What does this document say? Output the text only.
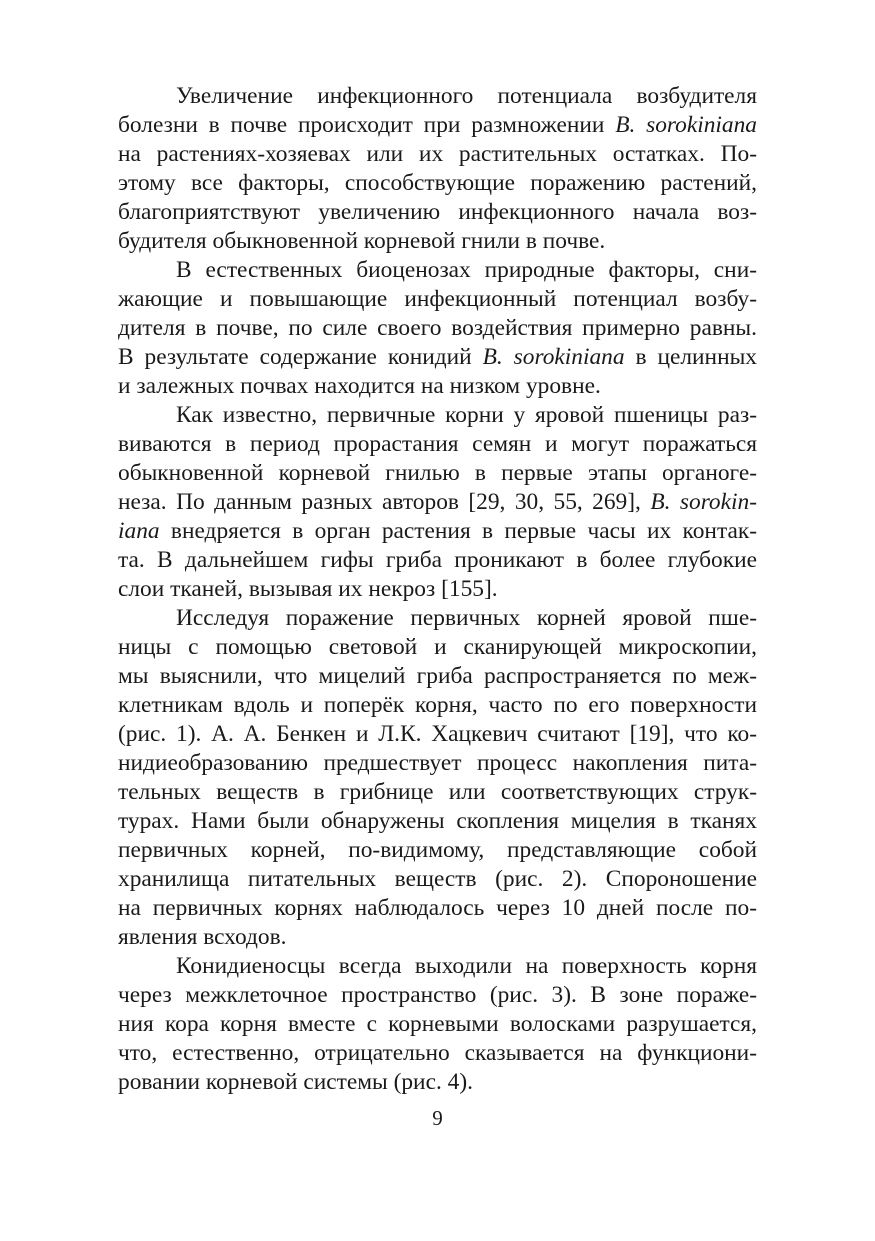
Увеличение инфекционного потенциала возбудителя
болезни в почве происходит при размножении B. sorokiniana
на растениях-хозяевах или их растительных остатках. По-
этому все факторы, способствующие поражению растений,
благоприятствуют увеличению инфекционного начала воз-
будителя обыкновенной корневой гнили в почве.
В естественных биоценозах природные факторы, сни-
жающие и повышающие инфекционный потенциал возбу-
дителя в почве, по силе своего воздействия примерно равны.
В результате содержание конидий B. sorokiniana в целинных
и залежных почвах находится на низком уровне.
Как известно, первичные корни у яровой пшеницы раз-
виваются в период прорастания семян и могут поражаться
обыкновенной корневой гнилью в первые этапы органоге-
неза. По данным разных авторов [29, 30, 55, 269], B. sorokin-
iana внедряется в орган растения в первые часы их контак-
та. В дальнейшем гифы гриба проникают в более глубокие
слои тканей, вызывая их некроз [155].
Исследуя поражение первичных корней яровой пше-
ницы с помощью световой и сканирующей микроскопии,
мы выяснили, что мицелий гриба распространяется по меж-
клетникам вдоль и поперёк корня, часто по его поверхности
(рис. 1). А. А. Бенкен и Л.К. Хацкевич считают [19], что ко-
нидиеобразованию предшествует процесс накопления пита-
тельных веществ в грибнице или соответствующих струк-
турах. Нами были обнаружены скопления мицелия в тканях
первичных корней, по-видимому, представляющие собой
хранилища питательных веществ (рис. 2). Спороношение
на первичных корнях наблюдалось через 10 дней после по-
явления всходов.
Конидиеносцы всегда выходили на поверхность корня
через межклеточное пространство (рис. 3). В зоне пораже-
ния кора корня вместе с корневыми волосками разрушается,
что, естественно, отрицательно сказывается на функциони-
ровании корневой системы (рис. 4).
9
